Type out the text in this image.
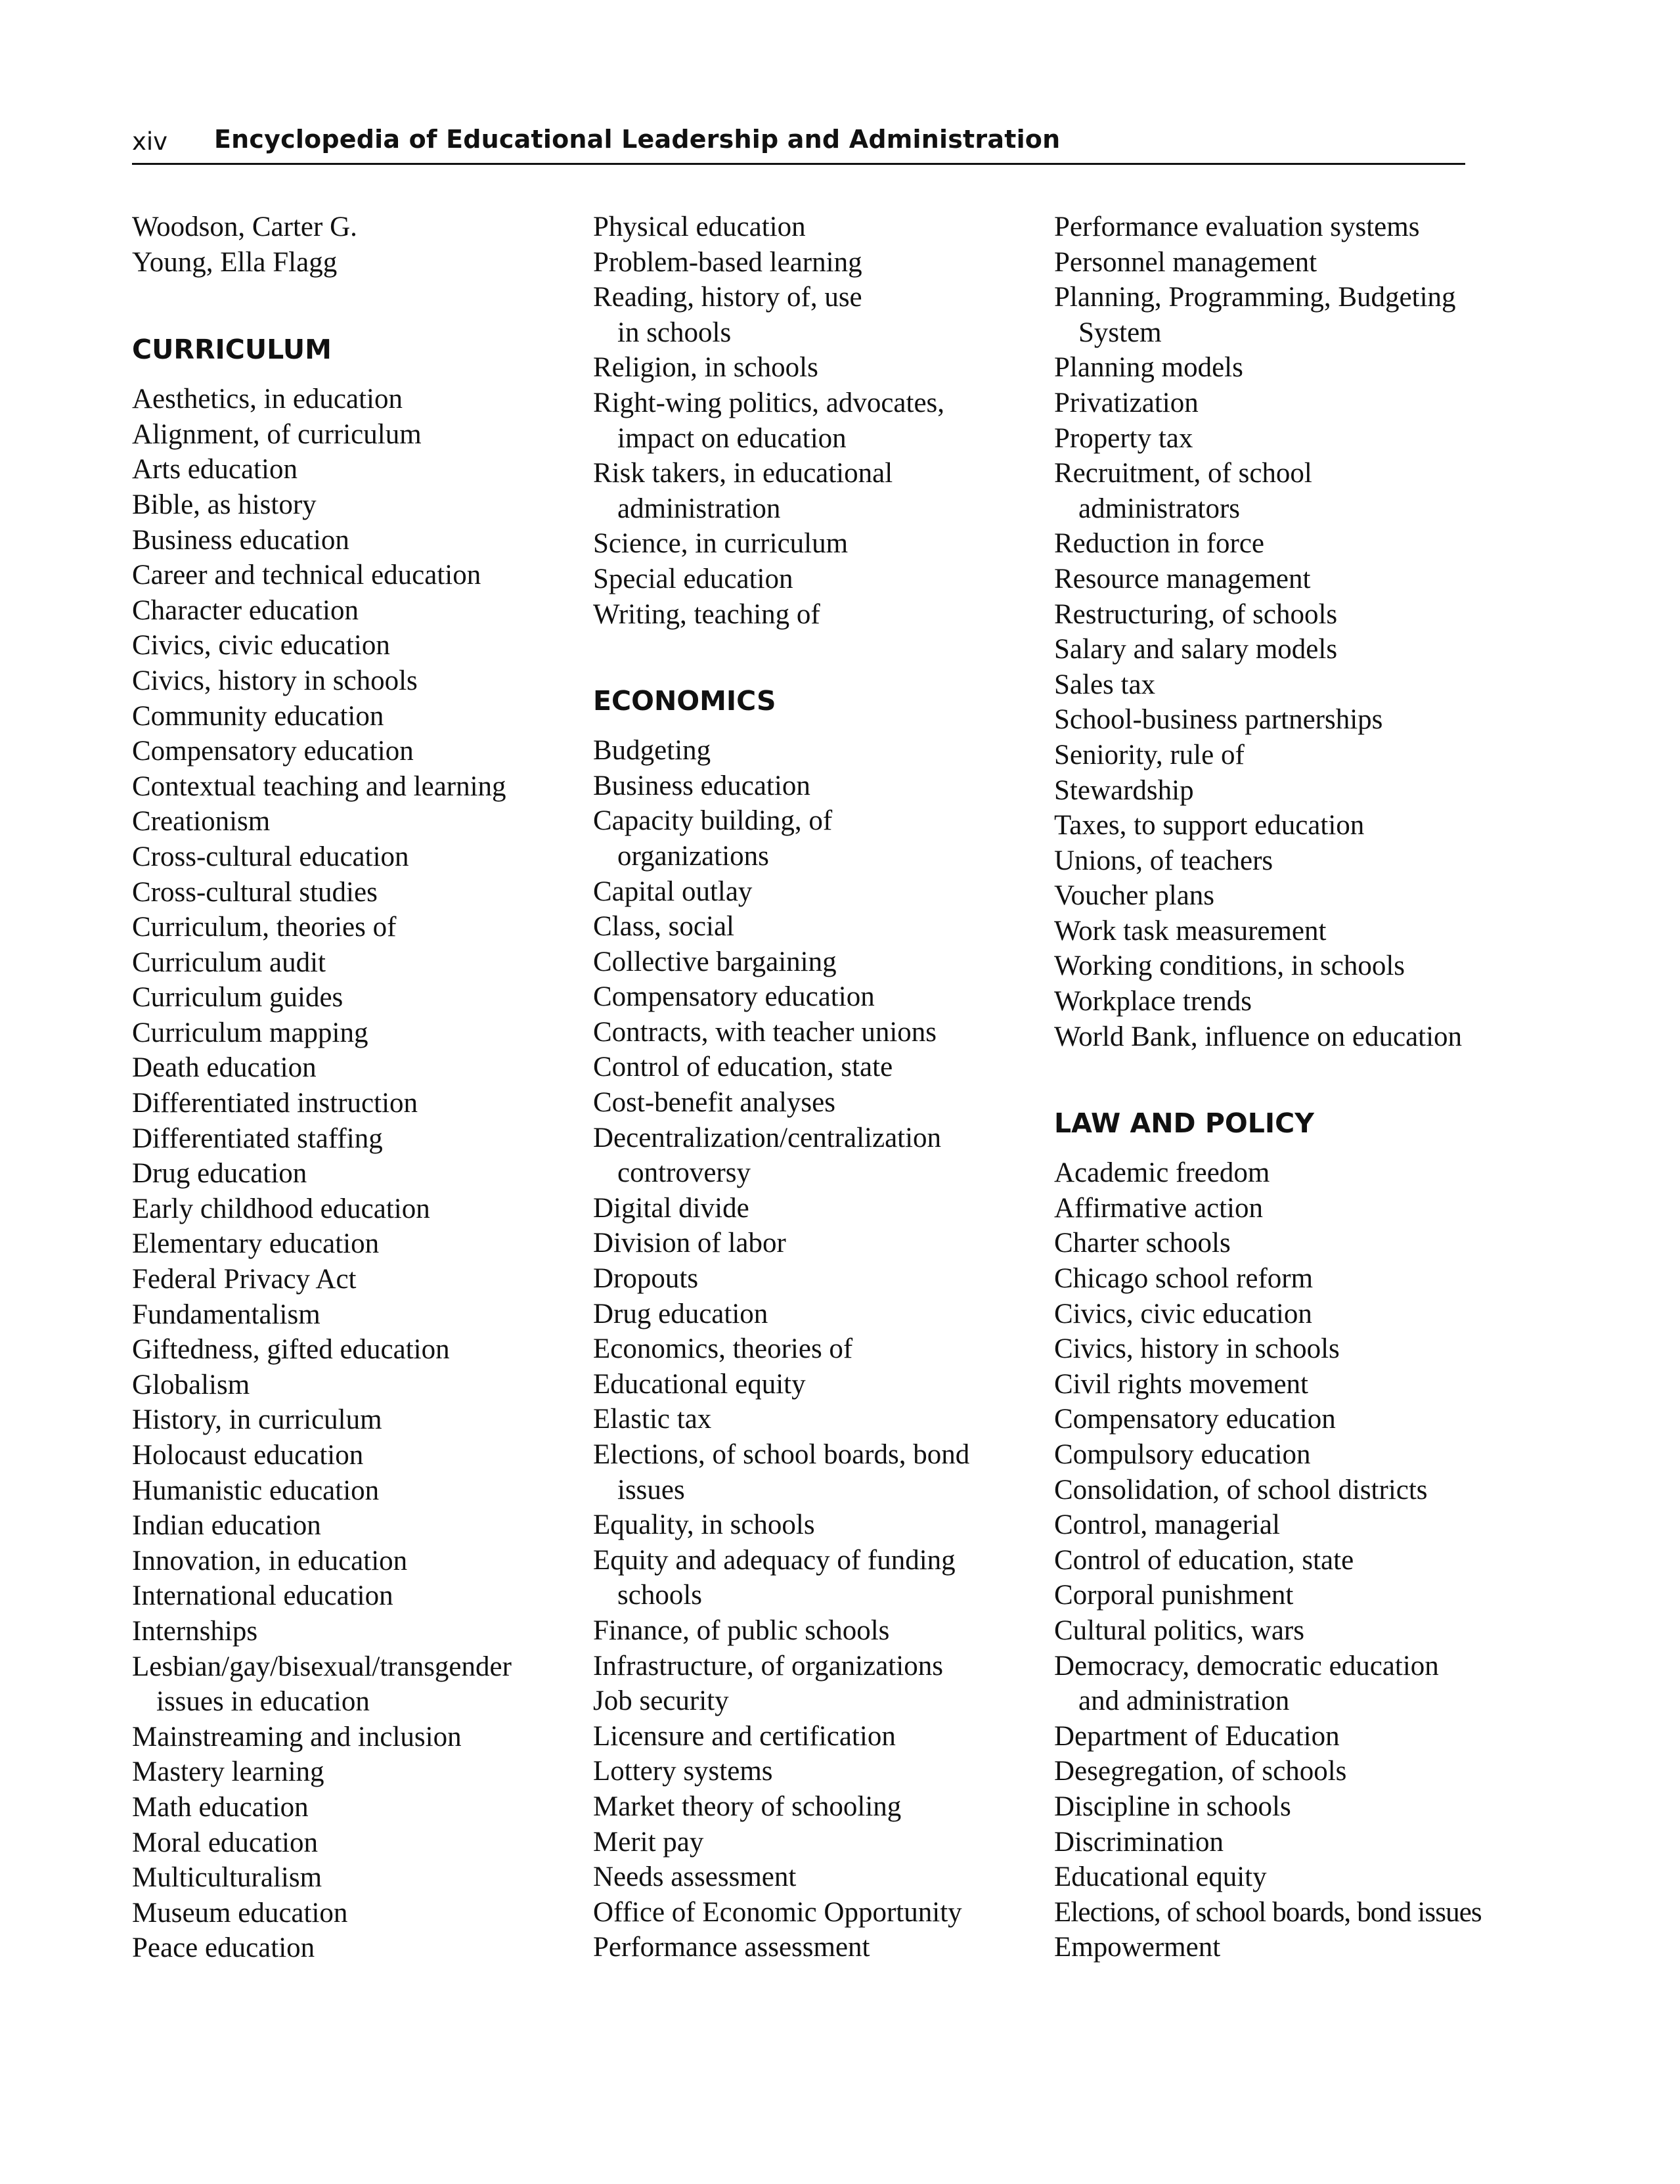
xiv Encyclopedia of Educational Leadership and Administration
Woodson, Carter G.
Young, Ella Flagg
CURRICULUM
Aesthetics, in education
Alignment, of curriculum
Arts education
Bible, as history
Business education
Career and technical education
Character education
Civics, civic education
Civics, history in schools
Community education
Compensatory education
Contextual teaching and learning
Creationism
Cross-cultural education
Cross-cultural studies
Curriculum, theories of
Curriculum audit
Curriculum guides
Curriculum mapping
Death education
Differentiated instruction
Differentiated staffing
Drug education
Early childhood education
Elementary education
Federal Privacy Act
Fundamentalism
Giftedness, gifted education
Globalism
History, in curriculum
Holocaust education
Humanistic education
Indian education
Innovation, in education
International education
Internships
Lesbian/gay/bisexual/transgender
issues in education
Mainstreaming and inclusion
Mastery learning
Math education
Moral education
Multiculturalism
Museum education
Peace education
Physical education
Problem-based learning
Reading, history of, use
in schools
Religion, in schools
Right-wing politics, advocates,
impact on education
Risk takers, in educational
administration
Science, in curriculum
Special education
Writing, teaching of
ECONOMICS
Budgeting
Business education
Capacity building, of
organizations
Capital outlay
Class, social
Collective bargaining
Compensatory education
Contracts, with teacher unions
Control of education, state
Cost-benefit analyses
Decentralization/centralization
controversy
Digital divide
Division of labor
Dropouts
Drug education
Economics, theories of
Educational equity
Elastic tax
Elections, of school boards, bond
issues
Equality, in schools
Equity and adequacy of funding
schools
Finance, of public schools
Infrastructure, of organizations
Job security
Licensure and certification
Lottery systems
Market theory of schooling
Merit pay
Needs assessment
Office of Economic Opportunity
Performance assessment
Performance evaluation systems
Personnel management
Planning, Programming, Budgeting
System
Planning models
Privatization
Property tax
Recruitment, of school
administrators
Reduction in force
Resource management
Restructuring, of schools
Salary and salary models
Sales tax
School-business partnerships
Seniority, rule of
Stewardship
Taxes, to support education
Unions, of teachers
Voucher plans
Work task measurement
Working conditions, in schools
Workplace trends
World Bank, influence on education
LAW AND POLICY
Academic freedom
Affirmative action
Charter schools
Chicago school reform
Civics, civic education
Civics, history in schools
Civil rights movement
Compensatory education
Compulsory education
Consolidation, of school districts
Control, managerial
Control of education, state
Corporal punishment
Cultural politics, wars
Democracy, democratic education
and administration
Department of Education
Desegregation, of schools
Discipline in schools
Discrimination
Educational equity
Elections, of school boards, bond issues
Empowerment
